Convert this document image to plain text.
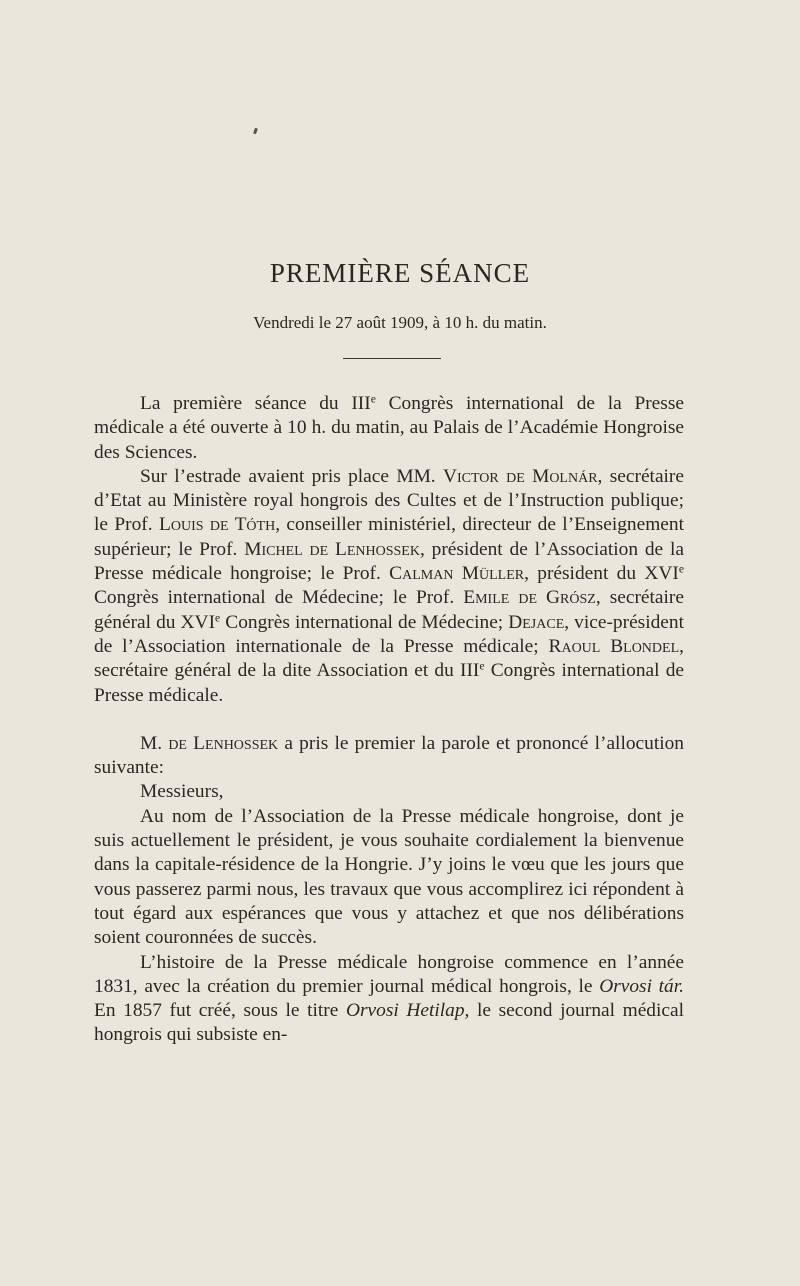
PREMIÈRE SÉANCE
Vendredi le 27 août 1909, à 10 h. du matin.

La première séance du IIIe Congrès international de la Presse médicale a été ouverte à 10 h. du matin, au Palais de l’Académie Hongroise des Sciences.

Sur l’estrade avaient pris place MM. Victor de Molnár, secrétaire d’Etat au Ministère royal hongrois des Cultes et de l’Instruction publique; le Prof. Louis de Tóth, conseiller ministériel, directeur de l’Enseignement supérieur; le Prof. Michel de Lenhossek, président de l’Association de la Presse médicale hongroise; le Prof. Calman Müller, président du XVIe Congrès international de Médecine; le Prof. Emile de Grósz, secrétaire général du XVIe Congrès international de Médecine; Dejace, vice-président de l’Association internationale de la Presse médicale; Raoul Blondel, secrétaire général de la dite Association et du IIIe Congrès international de Presse médicale.

M. de Lenhossek a pris le premier la parole et prononcé l’allocution suivante:

Messieurs,

Au nom de l’Association de la Presse médicale hongroise, dont je suis actuellement le président, je vous souhaite cordialement la bienvenue dans la capitale-résidence de la Hongrie. J’y joins le vœu que les jours que vous passerez parmi nous, les travaux que vous accomplirez ici répondent à tout égard aux espérances que vous y attachez et que nos délibérations soient couronnées de succès.

L’histoire de la Presse médicale hongroise commence en l’année 1831, avec la création du premier journal médical hongrois, le Orvosi tár. En 1857 fut créé, sous le titre Orvosi Hetilap, le second journal médical hongrois qui subsiste en-
